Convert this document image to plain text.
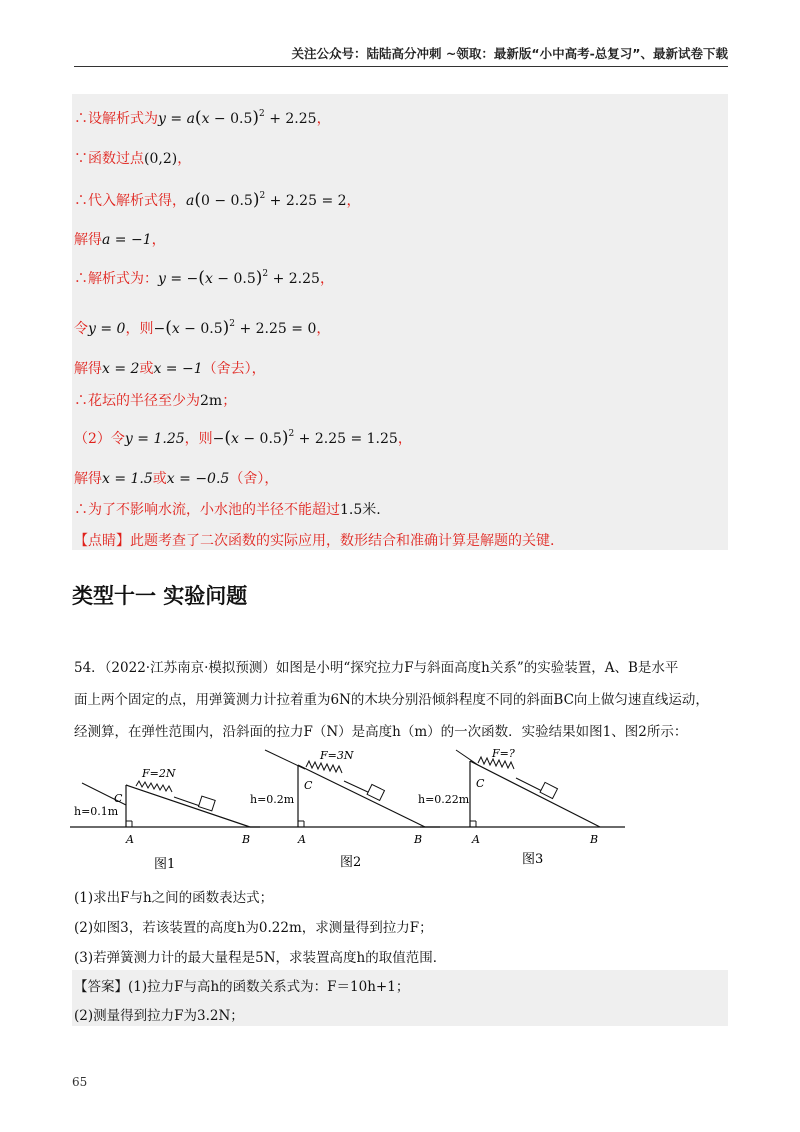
关注公众号：陆陆高分冲刺 ~领取：最新版“小中高考-总复习”、最新试卷下载
∴设解析式为$y = a(x - 0.5)^2 + 2.25$，
∵函数过点(0,2)，
∴代入解析式得，$a(0 - 0.5)^2 + 2.25 = 2$，
解得a = −1，
∴解析式为：$y = -(x - 0.5)^2 + 2.25$，
令y = 0，则$-(x - 0.5)^2 + 2.25 = 0$，
解得x = 2或x = −1（舍去），
∴花坛的半径至少为2m；
（2）令y = 1.25，则$-(x - 0.5)^2 + 2.25 = 1.25$，
解得x = 1.5或x = −0.5（舍），
∴为了不影响水流，小水池的半径不能超过1.5米.
【点睛】此题考查了二次函数的实际应用，数形结合和准确计算是解题的关键.
类型十一 实验问题
54．（2022·江苏南京·模拟预测）如图是小明“探究拉力F与斜面高度h关系”的实验装置，A、B是水平
面上两个固定的点，用弹簧测力计拉着重为6N的木块分别沿倾斜程度不同的斜面BC向上做匀速直线运动，
经测算，在弹性范围内，沿斜面的拉力F（N）是高度h（m）的一次函数．实验结果如图1、图2所示：
F=2N
C
h=0.1m
A	B
图1
F=3N
C
h=0.2m
A	B
图2
F=?
C
h=0.22m
A	B
图3
(1)求出F与h之间的函数表达式；
(2)如图3，若该装置的高度h为0.22m，求测量得到拉力F；
(3)若弹簧测力计的最大量程是5N，求装置高度h的取值范围．
【答案】(1)拉力F与高h的函数关系式为：F＝10h+1；
(2)测量得到拉力F为3.2N；
65
